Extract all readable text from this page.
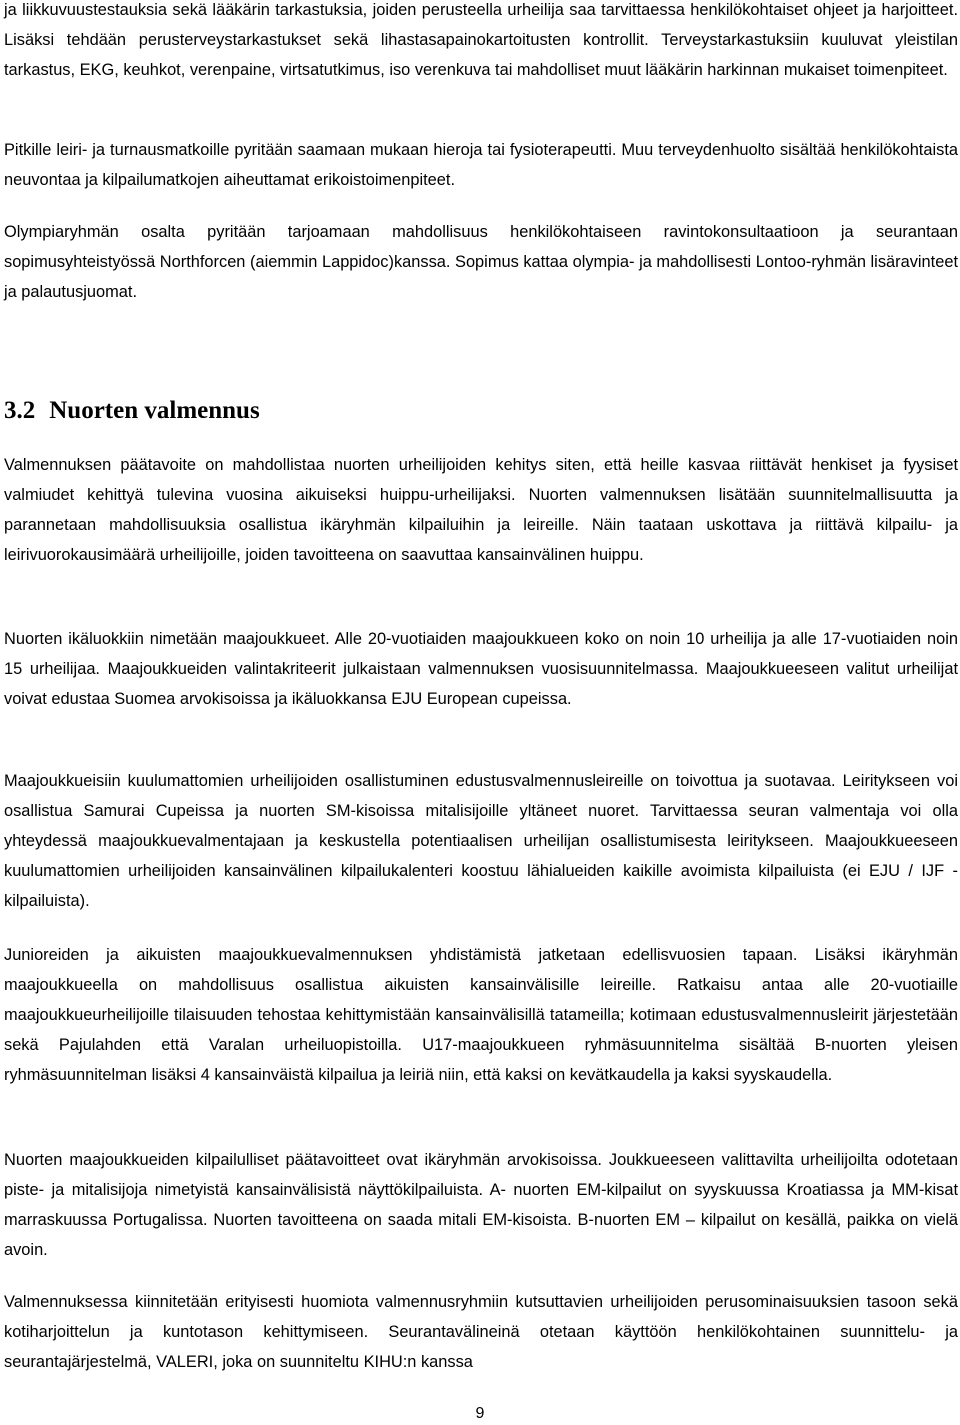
ja liikkuvuustestauksia sekä lääkärin tarkastuksia, joiden perusteella urheilija saa tarvittaessa henkilökohtaiset ohjeet ja harjoitteet. Lisäksi tehdään perusterveystarkastukset sekä lihastasapainokartoitusten kontrollit. Terveystarkastuksiin kuuluvat yleistilan tarkastus, EKG, keuhkot, verenpaine, virtsatutkimus, iso verenkuva tai mahdolliset muut lääkärin harkinnan mukaiset toimenpiteet.

Pitkille leiri- ja turnausmatkoille pyritään saamaan mukaan hieroja tai fysioterapeutti. Muu terveydenhuolto sisältää henkilökohtaista neuvontaa ja kilpailumatkojen aiheuttamat erikoistoimenpiteet.

Olympiaryhmän osalta pyritään tarjoamaan mahdollisuus henkilökohtaiseen ravintokonsultaatioon ja seurantaan sopimusyhteistyössä Northforcen (aiemmin Lappidoc)kanssa. Sopimus kattaa olympia- ja mahdollisesti Lontoo-ryhmän lisäravinteet ja palautusjuomat.

3.2 Nuorten valmennus

Valmennuksen päätavoite on mahdollistaa nuorten urheilijoiden kehitys siten, että heille kasvaa riittävät henkiset ja fyysiset valmiudet kehittyä tulevina vuosina aikuiseksi huippu-urheilijaksi. Nuorten valmennuksen lisätään suunnitelmallisuutta ja parannetaan mahdollisuuksia osallistua ikäryhmän kilpailuihin ja leireille. Näin taataan uskottava ja riittävä kilpailu- ja leirivuorokausimäärä urheilijoille, joiden tavoitteena on saavuttaa kansainvälinen huippu.

Nuorten ikäluokkiin nimetään maajoukkueet. Alle 20-vuotiaiden maajoukkueen koko on noin 10 urheilija ja alle 17-vuotiaiden noin 15 urheilijaa. Maajoukkueiden valintakriteerit julkaistaan valmennuksen vuosisuunnitelmassa. Maajoukkueeseen valitut urheilijat voivat edustaa Suomea arvokisoissa ja ikäluokkansa EJU European cupeissa.

Maajoukkueisiin kuulumattomien urheilijoiden osallistuminen edustusvalmennusleireille on toivottua ja suotavaa. Leiritykseen voi osallistua Samurai Cupeissa ja nuorten SM-kisoissa mitalisijoille yltäneet nuoret. Tarvittaessa seuran valmentaja voi olla yhteydessä maajoukkuevalmentajaan ja keskustella potentiaalisen urheilijan osallistumisesta leiritykseen. Maajoukkueeseen kuulumattomien urheilijoiden kansainvälinen kilpailukalenteri koostuu lähialueiden kaikille avoimista kilpailuista (ei EJU / IJF -kilpailuista).

Junioreiden ja aikuisten maajoukkuevalmennuksen yhdistämistä jatketaan edellisvuosien tapaan. Lisäksi ikäryhmän maajoukkueella on mahdollisuus osallistua aikuisten kansainvälisille leireille. Ratkaisu antaa alle 20-vuotiaille maajoukkueurheilijoille tilaisuuden tehostaa kehittymistään kansainvälisillä tatameilla; kotimaan edustusvalmennusleirit järjestetään sekä Pajulahden että Varalan urheiluopistoilla. U17-maajoukkueen ryhmäsuunnitelma sisältää B-nuorten yleisen ryhmäsuunnitelman lisäksi 4 kansainväistä kilpailua ja leiriä niin, että kaksi on kevätkaudella ja kaksi syyskaudella.

Nuorten maajoukkueiden kilpailulliset päätavoitteet ovat ikäryhmän arvokisoissa. Joukkueeseen valittavilta urheilijoilta odotetaan piste- ja mitalisijoja nimetyistä kansainvälisistä näyttökilpailuista. A- nuorten EM-kilpailut on syyskuussa Kroatiassa ja MM-kisat marraskuussa Portugalissa. Nuorten tavoitteena on saada mitali EM-kisoista. B-nuorten EM – kilpailut on kesällä, paikka on vielä avoin.

Valmennuksessa kiinnitetään erityisesti huomiota valmennusryhmiin kutsuttavien urheilijoiden perusominaisuuksien tasoon sekä kotiharjoittelun ja kuntotason kehittymiseen. Seurantavälineinä otetaan käyttöön henkilökohtainen suunnittelu- ja seurantajärjestelmä, VALERI, joka on suunniteltu KIHU:n kanssa

9
